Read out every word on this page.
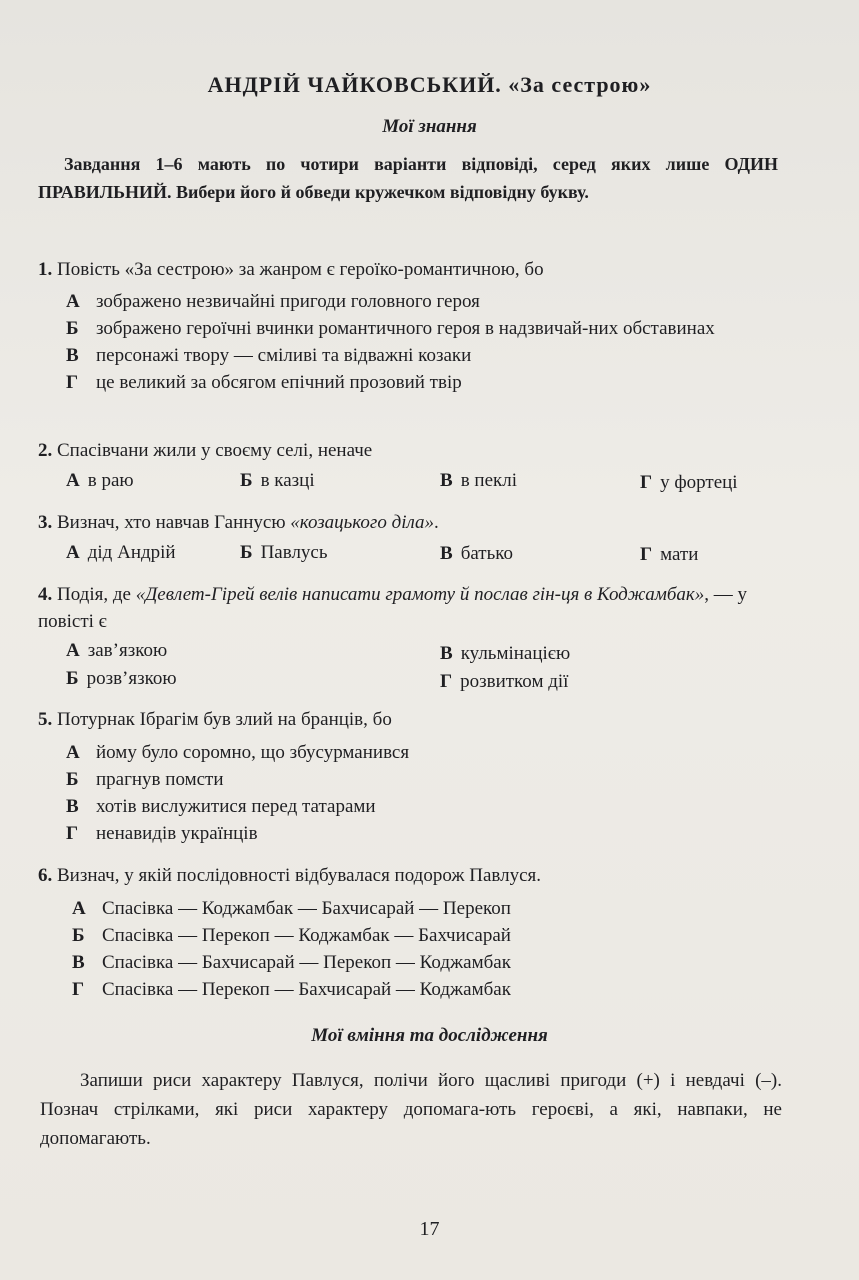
АНДРІЙ ЧАЙКОВСЬКИЙ. «За сестрою»
Мої знання
Завдання 1–6 мають по чотири варіанти відповіді, серед яких лише ОДИН ПРАВИЛЬНИЙ. Вибери його й обведи кружечком відповідну букву.
1. Повість «За сестрою» за жанром є героїко-романтичною, бо
А зображено незвичайні пригоди головного героя
Б зображено героїчні вчинки романтичного героя в надзвичай-них обставинах
В персонажі твору — сміливі та відважні козаки
Г це великий за обсягом епічний прозовий твір
2. Спасівчани жили у своєму селі, неначе
А в раю	Б в казці	В в пеклі	Г у фортеці
3. Визнач, хто навчав Ганнусю «козацького діла».
А дід Андрій	Б Павлусь	В батько	Г мати
4. Подія, де «Девлет-Гірей велів написати грамоту й послав гін-ця в Коджамбак», — у повісті є
А зав’язкою
Б розв’язкою
В кульмінацією
Г розвитком дії
5. Потурнак Ібрагім був злий на бранців, бо
А йому було соромно, що збусурманився
Б прагнув помсти
В хотів вислужитися перед татарами
Г ненавидів українців
6. Визнач, у якій послідовності відбувалася подорож Павлуся.
А Спасівка — Коджамбак — Бахчисарай — Перекоп
Б Спасівка — Перекоп — Коджамбак — Бахчисарай
В Спасівка — Бахчисарай — Перекоп — Коджамбак
Г Спасівка — Перекоп — Бахчисарай — Коджамбак
Мої вміння та дослідження
Запиши риси характеру Павлуся, полічи його щасливі пригоди (+) і невдачі (–). Познач стрілками, які риси характеру допомага-ють героєві, а які, навпаки, не допомагають.
17
